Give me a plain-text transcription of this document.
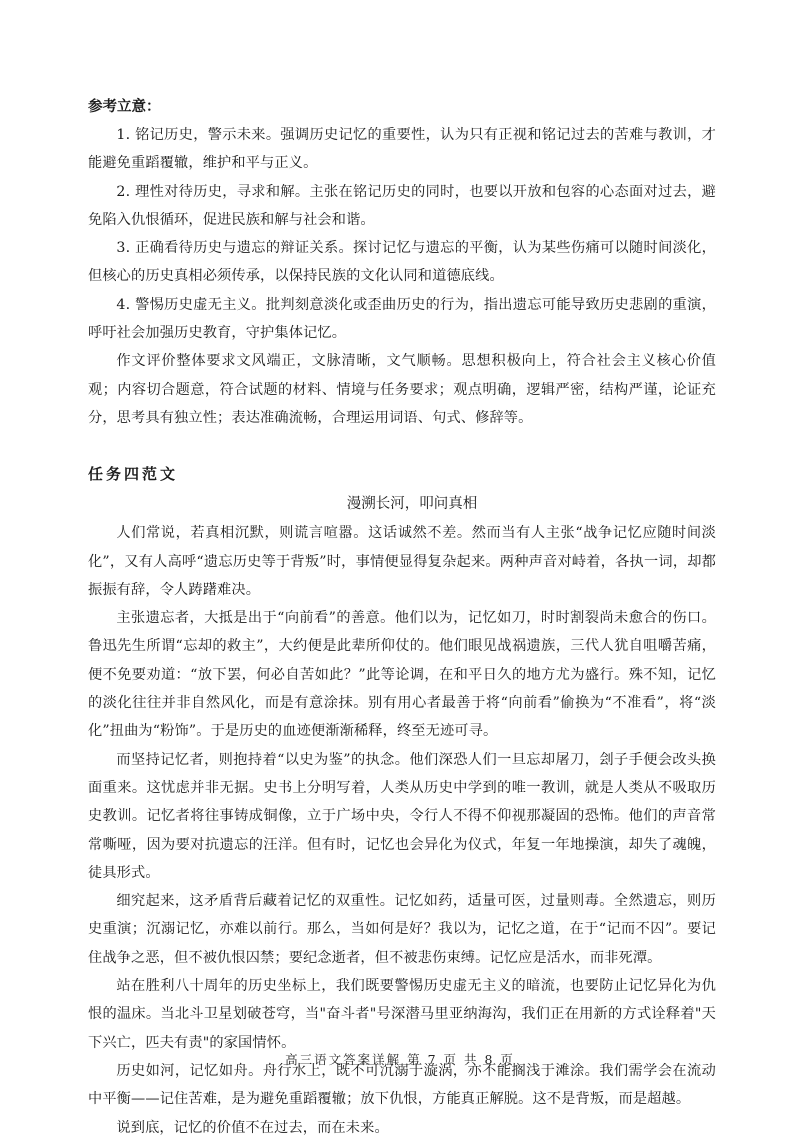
参考立意：

1. 铭记历史，警示未来。强调历史记忆的重要性，认为只有正视和铭记过去的苦难与教训，才能避免重蹈覆辙，维护和平与正义。

2. 理性对待历史，寻求和解。主张在铭记历史的同时，也要以开放和包容的心态面对过去，避免陷入仇恨循环，促进民族和解与社会和谐。

3. 正确看待历史与遗忘的辩证关系。探讨记忆与遗忘的平衡，认为某些伤痛可以随时间淡化，但核心的历史真相必须传承，以保持民族的文化认同和道德底线。

4. 警惕历史虚无主义。批判刻意淡化或歪曲历史的行为，指出遗忘可能导致历史悲剧的重演，呼吁社会加强历史教育，守护集体记忆。

作文评价整体要求文风端正，文脉清晰，文气顺畅。思想积极向上，符合社会主义核心价值观；内容切合题意，符合试题的材料、情境与任务要求；观点明确，逻辑严密，结构严谨，论证充分，思考具有独立性；表达准确流畅，合理运用词语、句式、修辞等。

任务四范文

漫溯长河，叩问真相

人们常说，若真相沉默，则谎言喧嚣。这话诚然不差。然而当有人主张“战争记忆应随时间淡化”，又有人高呼“遗忘历史等于背叛”时，事情便显得复杂起来。两种声音对峙着，各执一词，却都振振有辞，令人踌躇难决。

主张遗忘者，大抵是出于“向前看”的善意。他们以为，记忆如刀，时时割裂尚未愈合的伤口。鲁迅先生所谓“忘却的救主”，大约便是此辈所仰仗的。他们眼见战祸遗族，三代人犹自咀嚼苦痛，便不免要劝道：“放下罢，何必自苦如此？”此等论调，在和平日久的地方尤为盛行。殊不知，记忆的淡化往往并非自然风化，而是有意涂抹。别有用心者最善于将“向前看”偷换为“不准看”，将“淡化”扭曲为“粉饰”。于是历史的血迹便渐渐稀释，终至无迹可寻。

而坚持记忆者，则抱持着“以史为鉴”的执念。他们深恐人们一旦忘却屠刀，刽子手便会改头换面重来。这忧虑并非无据。史书上分明写着，人类从历史中学到的唯一教训，就是人类从不吸取历史教训。记忆者将往事铸成铜像，立于广场中央，令行人不得不仰视那凝固的恐怖。他们的声音常常嘶哑，因为要对抗遗忘的汪洋。但有时，记忆也会异化为仪式，年复一年地操演，却失了魂魄，徒具形式。

细究起来，这矛盾背后藏着记忆的双重性。记忆如药，适量可医，过量则毒。全然遗忘，则历史重演；沉溺记忆，亦难以前行。那么，当如何是好？我以为，记忆之道，在于“记而不囚”。要记住战争之恶，但不被仇恨囚禁；要纪念逝者，但不被悲伤束缚。记忆应是活水，而非死潭。

站在胜利八十周年的历史坐标上，我们既要警惕历史虚无主义的暗流，也要防止记忆异化为仇恨的温床。当北斗卫星划破苍穹，当"奋斗者"号深潜马里亚纳海沟，我们正在用新的方式诠释着"天下兴亡，匹夫有责"的家国情怀。

历史如河，记忆如舟。舟行水上，既不可沉溺于漩涡，亦不能搁浅于滩涂。我们需学会在流动中平衡——记住苦难，是为避免重蹈覆辙；放下仇恨，方能真正解脱。这不是背叛，而是超越。

说到底，记忆的价值不在过去，而在未来。

高三语文答案详解 第 7 页 共 8 页
